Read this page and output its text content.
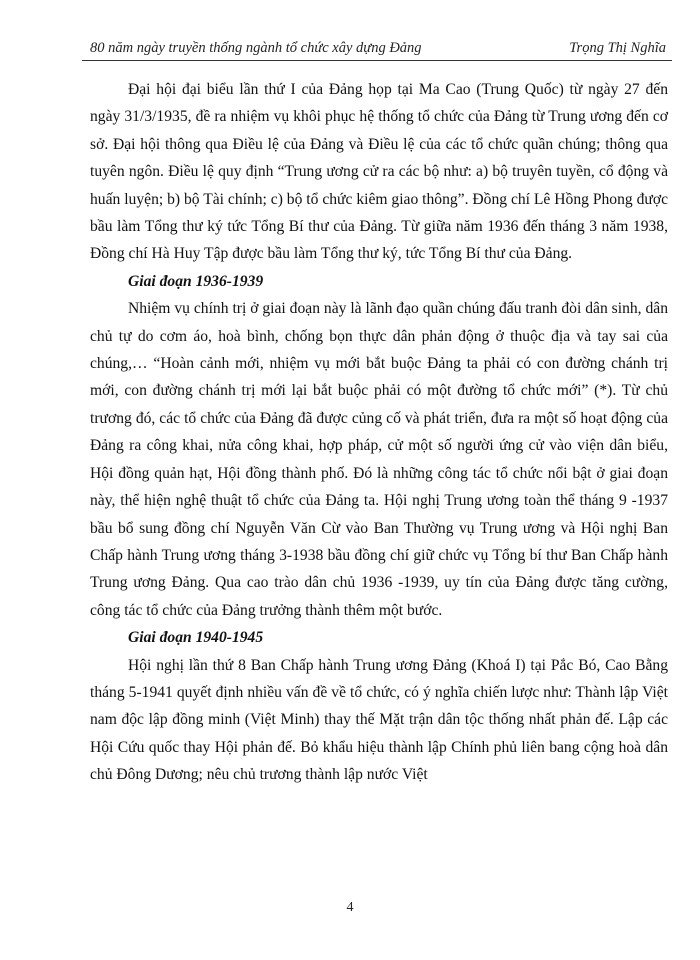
80 năm ngày truyền thống ngành tổ chức xây dựng Đảng	Trọng Thị Nghĩa

Đại hội đại biểu lần thứ I của Đảng họp tại Ma Cao (Trung Quốc) từ ngày 27 đến ngày 31/3/1935, đề ra nhiệm vụ khôi phục hệ thống tổ chức của Đảng từ Trung ương đến cơ sở. Đại hội thông qua Điều lệ của Đảng và Điều lệ của các tổ chức quần chúng; thông qua tuyên ngôn. Điều lệ quy định “Trung ương cử ra các bộ như: a) bộ truyên tuyền, cổ động và huấn luyện; b) bộ Tài chính; c) bộ tổ chức kiêm giao thông”. Đồng chí Lê Hồng Phong được bầu làm Tổng thư ký tức Tổng Bí thư của Đảng. Từ giữa năm 1936 đến tháng 3 năm 1938, Đồng chí Hà Huy Tập được bầu làm Tổng thư ký, tức Tổng Bí thư của Đảng.

Giai đoạn 1936-1939

Nhiệm vụ chính trị ở giai đoạn này là lãnh đạo quần chúng đấu tranh đòi dân sinh, dân chủ tự do cơm áo, hoà bình, chống bọn thực dân phản động ở thuộc địa và tay sai của chúng,… “Hoàn cảnh mới, nhiệm vụ mới bắt buộc Đảng ta phải có con đường chánh trị mới, con đường chánh trị mới lại bắt buộc phải có một đường tổ chức mới” (*). Từ chủ trương đó, các tổ chức của Đảng đã được củng cố và phát triển, đưa ra một số hoạt động của Đảng ra công khai, nửa công khai, hợp pháp, cử một số người ứng cử vào viện dân biểu, Hội đồng quản hạt, Hội đồng thành phố. Đó là những công tác tổ chức nổi bật ở giai đoạn này, thể hiện nghệ thuật tổ chức của Đảng ta. Hội nghị Trung ương toàn thể tháng 9 -1937 bầu bổ sung đồng chí Nguyễn Văn Cừ vào Ban Thường vụ Trung ương và Hội nghị Ban Chấp hành Trung ương tháng 3-1938 bầu đồng chí giữ chức vụ Tổng bí thư Ban Chấp hành Trung ương Đảng. Qua cao trào dân chủ 1936 -1939, uy tín của Đảng được tăng cường, công tác tổ chức của Đảng trưởng thành thêm một bước.

Giai đoạn 1940-1945

Hội nghị lần thứ 8 Ban Chấp hành Trung ương Đảng (Khoá I) tại Pắc Bó, Cao Bằng tháng 5-1941 quyết định nhiều vấn đề về tổ chức, có ý nghĩa chiến lược như: Thành lập Việt nam độc lập đồng minh (Việt Minh) thay thế Mặt trận dân tộc thống nhất phản đế. Lập các Hội Cứu quốc thay Hội phản đế. Bỏ khẩu hiệu thành lập Chính phủ liên bang cộng hoà dân chủ Đông Dương; nêu chủ trương thành lập nước Việt

4
